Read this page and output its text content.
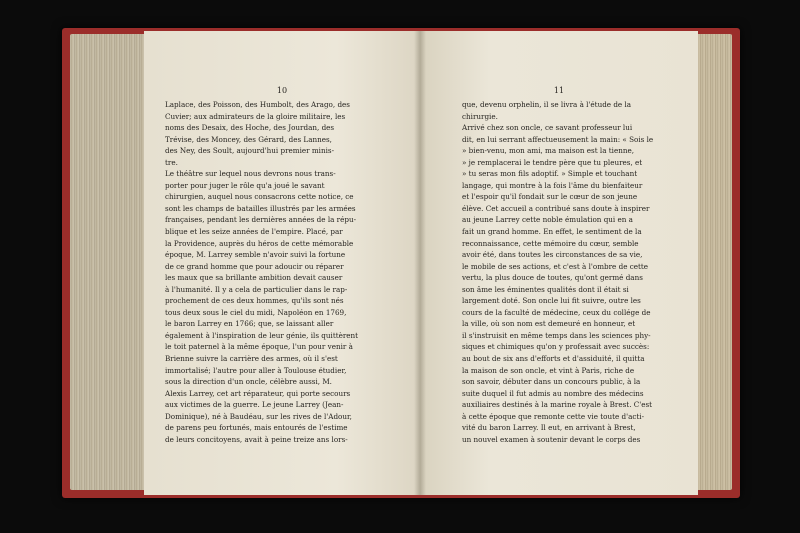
10
Laplace, des Poisson, des Humbolt, des Arago, des
Cuvier; aux admirateurs de la gloire militaire, les
noms des Desaix, des Hoche, des Jourdan, des
Trévise, des Moncey, des Gérard, des Lannes,
des Ney, des Soult, aujourd'hui premier minis-
tre.
Le théâtre sur lequel nous devrons nous trans-
porter pour juger le rôle qu'a joué le savant
chirurgien, auquel nous consacrons cette notice, ce
sont les champs de batailles illustrés par les armées
françaises, pendant les dernières années de la répu-
blique et les seize années de l'empire. Placé, par
la Providence, auprès du héros de cette mémorable
époque, M. Larrey semble n'avoir suivi la fortune
de ce grand homme que pour adoucir ou réparer
les maux que sa brillante ambition devait causer
à l'humanité. Il y a cela de particulier dans le rap-
prochement de ces deux hommes, qu'ils sont nés
tous deux sous le ciel du midi, Napoléon en 1769,
le baron Larrey en 1766; que, se laissant aller
également à l'inspiration de leur génie, ils quittèrent
le toit paternel à la même époque, l'un pour venir à
Brienne suivre la carrière des armes, où il s'est
immortalisé; l'autre pour aller à Toulouse étudier,
sous la direction d'un oncle, célèbre aussi, M.
Alexis Larrey, cet art réparateur, qui porte secours
aux victimes de la guerre. Le jeune Larrey (Jean-
Dominique), né à Baudéau, sur les rives de l'Adour,
de parens peu fortunés, mais entourés de l'estime
de leurs concitoyens, avait à peine treize ans lors-
11
que, devenu orphelin, il se livra à l'étude de la
chirurgie.
Arrivé chez son oncle, ce savant professeur lui
dit, en lui serrant affectueusement la main: « Sois le
» bien-venu, mon ami, ma maison est la tienne,
» je remplacerai le tendre père que tu pleures, et
» tu seras mon fils adoptif. » Simple et touchant
langage, qui montre à la fois l'âme du bienfaiteur
et l'espoir qu'il fondait sur le cœur de son jeune
élève. Cet accueil a contribué sans doute à inspirer
au jeune Larrey cette noble émulation qui en a
fait un grand homme. En effet, le sentiment de la
reconnaissance, cette mémoire du cœur, semble
avoir été, dans toutes les circonstances de sa vie,
le mobile de ses actions, et c'est à l'ombre de cette
vertu, la plus douce de toutes, qu'ont germé dans
son âme les éminentes qualités dont il était si
largement doté. Son oncle lui fit suivre, outre les
cours de la faculté de médecine, ceux du collége de
la ville, où son nom est demeuré en honneur, et
il s'instruisit en même temps dans les sciences phy-
siques et chimiques qu'on y professait avec succès:
au bout de six ans d'efforts et d'assiduité, il quitta
la maison de son oncle, et vint à Paris, riche de
son savoir, débuter dans un concours public, à la
suite duquel il fut admis au nombre des médecins
auxiliaires destinés à la marine royale à Brest. C'est
à cette époque que remonte cette vie toute d'acti-
vité du baron Larrey. Il eut, en arrivant à Brest,
un nouvel examen à soutenir devant le corps des
